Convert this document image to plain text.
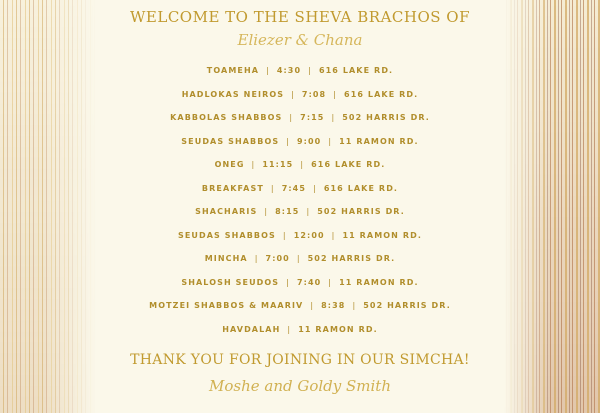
WELCOME TO THE SHEVA BRACHOS OF
Eliezer & Chana
TOAMEHA | 4:30 | 616 LAKE RD.
HADLOKAS NEIROS | 7:08 | 616 LAKE RD.
KABBOLAS SHABBOS | 7:15 | 502 HARRIS DR.
SEUDAS SHABBOS | 9:00 | 11 RAMON RD.
ONEG | 11:15 | 616 LAKE RD.
BREAKFAST | 7:45 | 616 LAKE RD.
SHACHARIS | 8:15 | 502 HARRIS DR.
SEUDAS SHABBOS | 12:00 | 11 RAMON RD.
MINCHA | 7:00 | 502 HARRIS DR.
SHALOSH SEUDOS | 7:40 | 11 RAMON RD.
MOTZEI SHABBOS & MAARIV | 8:38 | 502 HARRIS DR.
HAVDALAH | 11 RAMON RD.
THANK YOU FOR JOINING IN OUR SIMCHA!
Moshe and Goldy Smith
